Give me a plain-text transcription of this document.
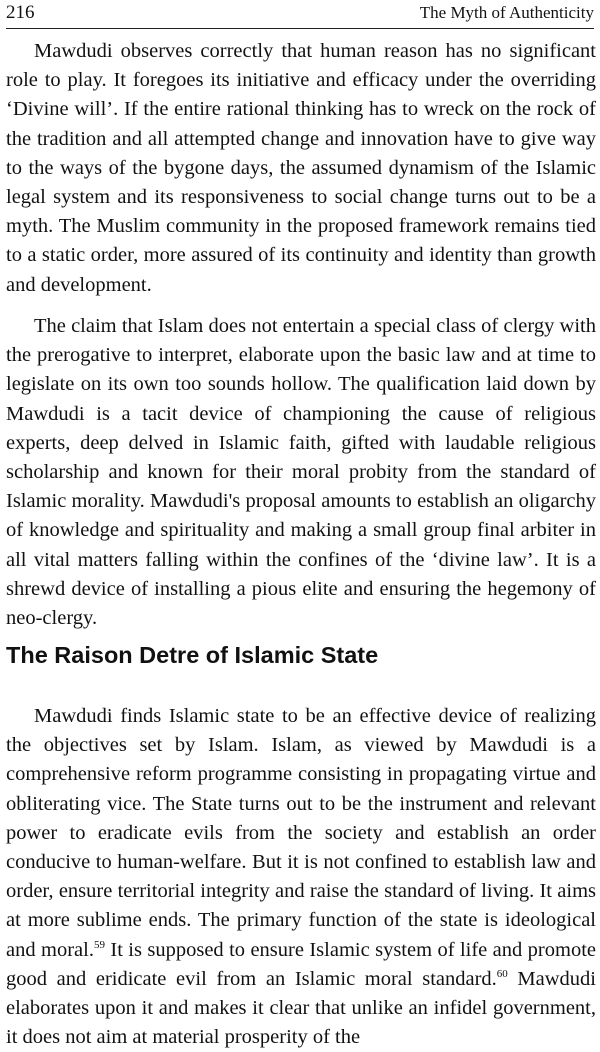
216	The Myth of Authenticity

Mawdudi observes correctly that human reason has no significant role to play. It foregoes its initiative and efficacy under the overriding ‘Divine will’. If the entire rational thinking has to wreck on the rock of the tradition and all attempted change and innovation have to give way to the ways of the bygone days, the assumed dynamism of the Islamic legal system and its responsiveness to social change turns out to be a myth. The Muslim community in the proposed framework remains tied to a static order, more assured of its continuity and identity than growth and development.

The claim that Islam does not entertain a special class of clergy with the prerogative to interpret, elaborate upon the basic law and at time to legislate on its own too sounds hollow. The qualification laid down by Mawdudi is a tacit device of championing the cause of religious experts, deep delved in Islamic faith, gifted with laudable religious scholarship and known for their moral probity from the standard of Islamic morality. Mawdudi's proposal amounts to establish an oligarchy of knowledge and spirituality and making a small group final arbiter in all vital matters falling within the confines of the ‘divine law’. It is a shrewd device of installing a pious elite and ensuring the hegemony of neo-clergy.

The Raison Detre of Islamic State

Mawdudi finds Islamic state to be an effective device of realizing the objectives set by Islam. Islam, as viewed by Mawdudi is a comprehensive reform programme consisting in propagating virtue and obliterating vice. The State turns out to be the instrument and relevant power to eradicate evils from the society and establish an order conducive to human-welfare. But it is not confined to establish law and order, ensure territorial integrity and raise the standard of living. It aims at more sublime ends. The primary function of the state is ideological and moral.$^{59}$ It is supposed to ensure Islamic system of life and promote good and eridicate evil from an Islamic moral standard.$^{60}$ Mawdudi elaborates upon it and makes it clear that unlike an infidel government, it does not aim at material prosperity of the
